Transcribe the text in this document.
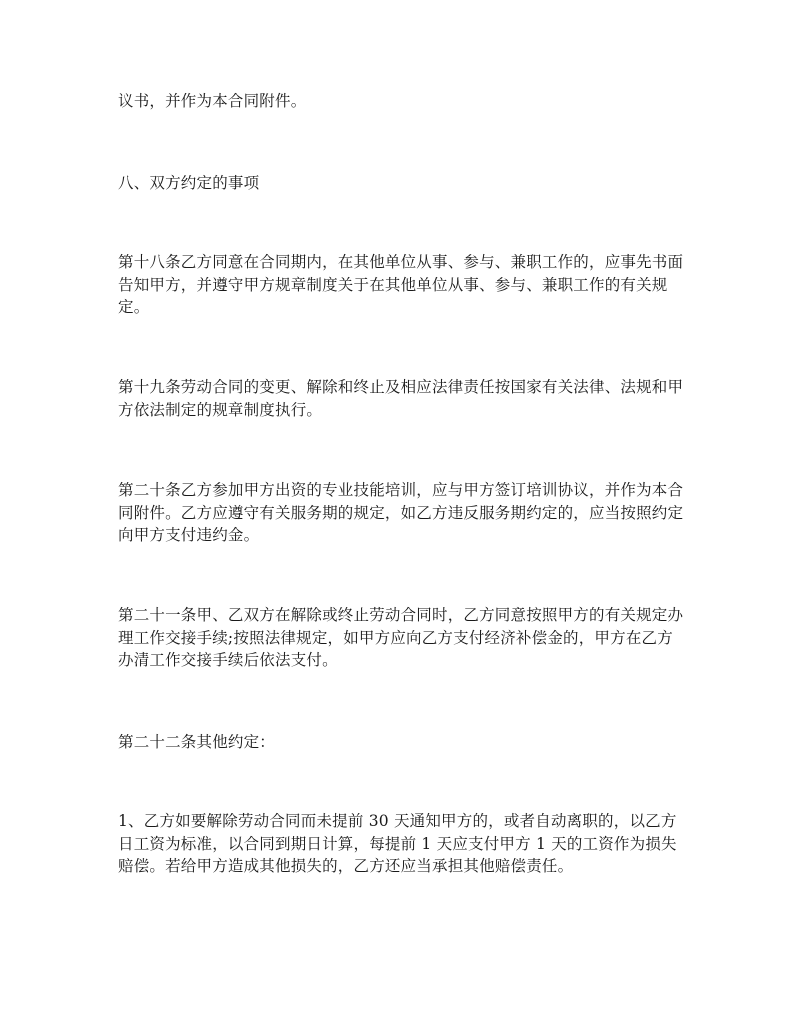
议书，并作为本合同附件。

八、双方约定的事项

第十八条乙方同意在合同期内，在其他单位从事、参与、兼职工作的，应事先书面告知甲方，并遵守甲方规章制度关于在其他单位从事、参与、兼职工作的有关规定。

第十九条劳动合同的变更、解除和终止及相应法律责任按国家有关法律、法规和甲方依法制定的规章制度执行。

第二十条乙方参加甲方出资的专业技能培训，应与甲方签订培训协议，并作为本合同附件。乙方应遵守有关服务期的规定，如乙方违反服务期约定的，应当按照约定向甲方支付违约金。

第二十一条甲、乙双方在解除或终止劳动合同时，乙方同意按照甲方的有关规定办理工作交接手续;按照法律规定，如甲方应向乙方支付经济补偿金的，甲方在乙方办清工作交接手续后依法支付。

第二十二条其他约定：

1、乙方如要解除劳动合同而未提前 30 天通知甲方的，或者自动离职的，以乙方日工资为标准，以合同到期日计算，每提前 1 天应支付甲方 1 天的工资作为损失赔偿。若给甲方造成其他损失的，乙方还应当承担其他赔偿责任。
